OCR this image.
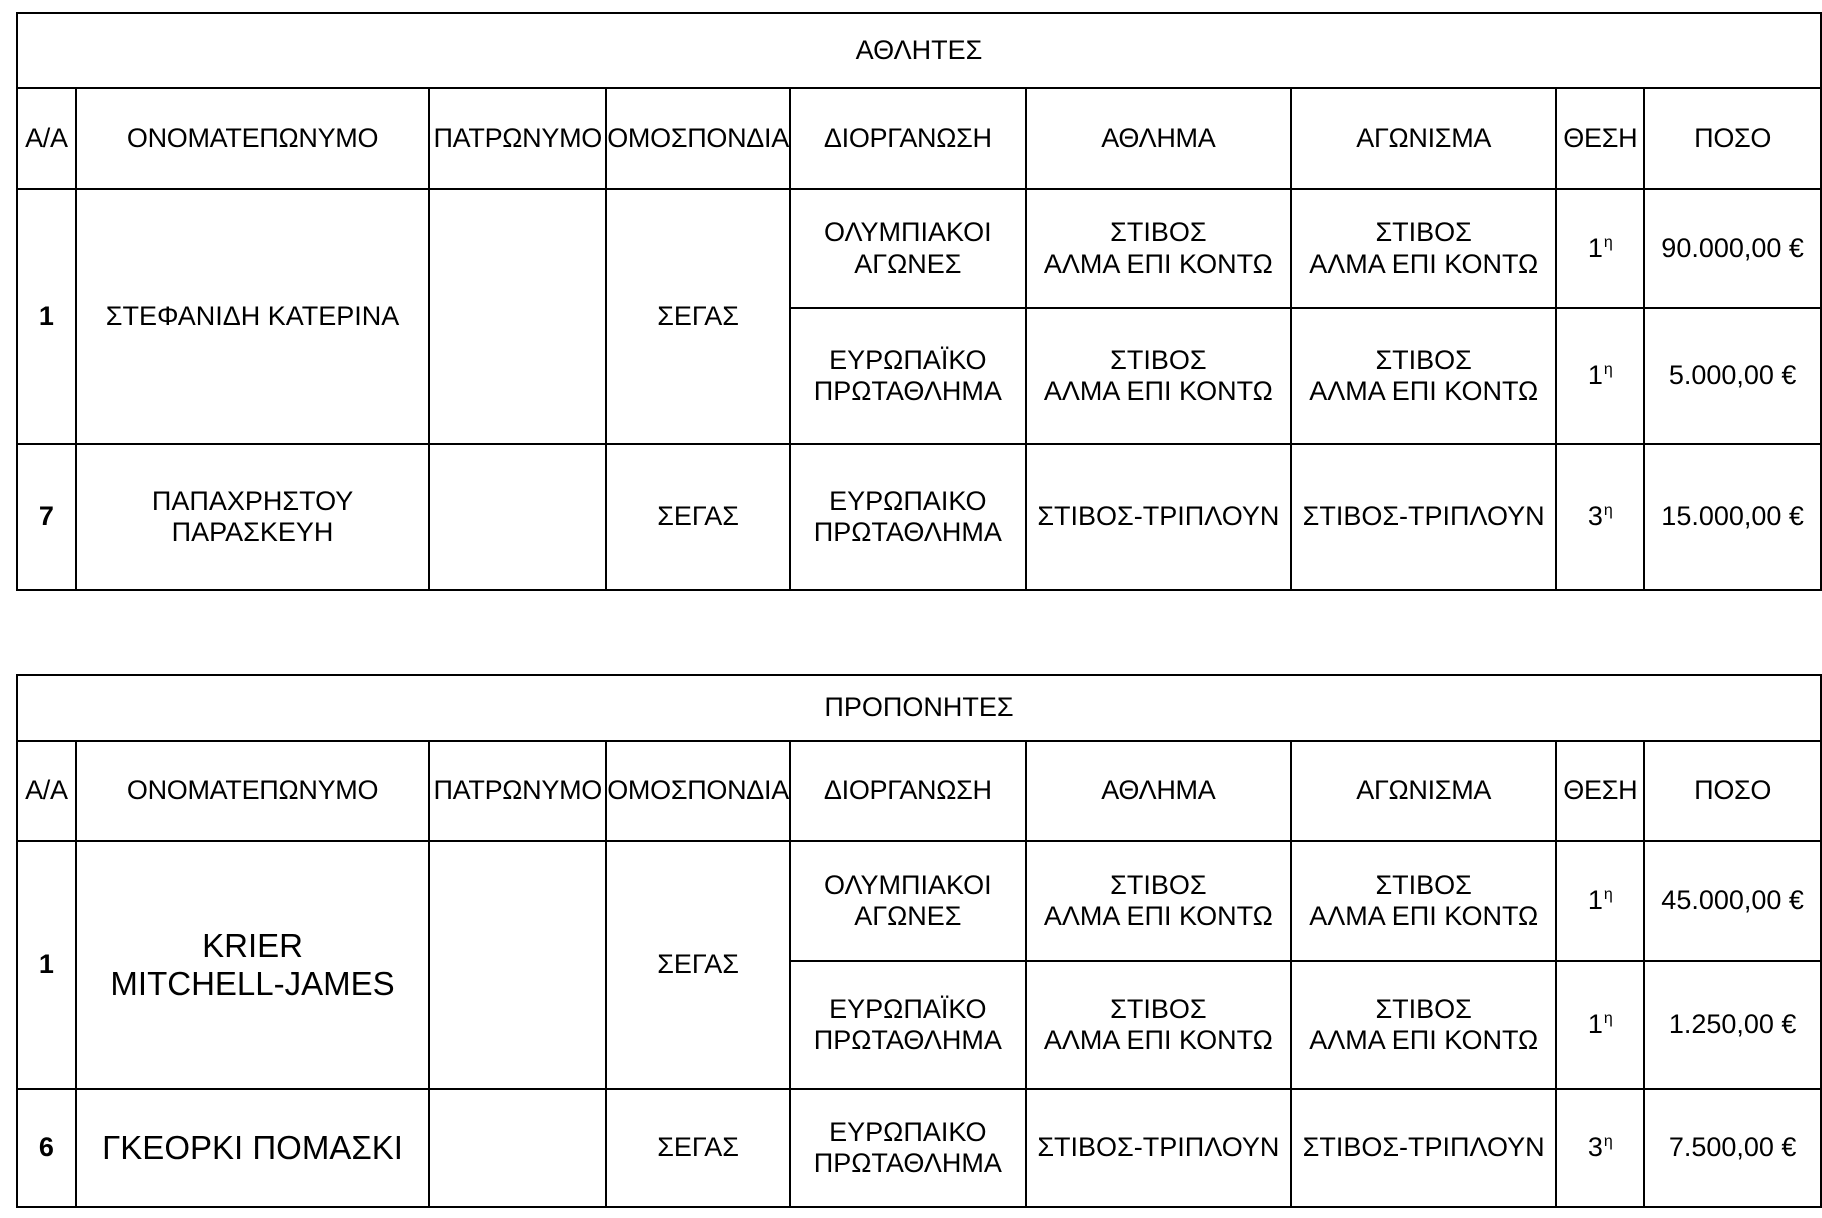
ΑΘΛΗΤΕΣ								
Α/Α	ΟΝΟΜΑΤΕΠΩΝΥΜΟ	ΠΑΤΡΩΝΥΜΟ	ΟΜΟΣΠΟΝΔΙΑ	ΔΙΟΡΓΑΝΩΣΗ	ΑΘΛΗΜΑ	ΑΓΩΝΙΣΜΑ	ΘΕΣΗ	ΠΟΣΟ
1	ΣΤΕΦΑΝΙΔΗ ΚΑΤΕΡΙΝΑ		ΣΕΓΑΣ	ΟΛΥΜΠΙΑΚΟΙ
ΑΓΩΝΕΣ	ΣΤΙΒΟΣ
ΑΛΜΑ ΕΠΙ ΚΟΝΤΩ	ΣΤΙΒΟΣ
ΑΛΜΑ ΕΠΙ ΚΟΝΤΩ	$1^\eta$	90.000,00 €
				ΕΥΡΩΠΑΪΚΟ
ΠΡΩΤΑΘΛΗΜΑ	ΣΤΙΒΟΣ
ΑΛΜΑ ΕΠΙ ΚΟΝΤΩ	ΣΤΙΒΟΣ
ΑΛΜΑ ΕΠΙ ΚΟΝΤΩ	$1^\eta$	5.000,00 €
7	ΠΑΠΑΧΡΗΣΤΟΥ
ΠΑΡΑΣΚΕΥΗ		ΣΕΓΑΣ	ΕΥΡΩΠΑΙΚΟ
ΠΡΩΤΑΘΛΗΜΑ	ΣΤΙΒΟΣ-ΤΡΙΠΛΟΥΝ	ΣΤΙΒΟΣ-ΤΡΙΠΛΟΥΝ	$3^\eta$	15.000,00 €
ΠΡΟΠΟΝΗΤΕΣ								
Α/Α	ΟΝΟΜΑΤΕΠΩΝΥΜΟ	ΠΑΤΡΩΝΥΜΟ	ΟΜΟΣΠΟΝΔΙΑ	ΔΙΟΡΓΑΝΩΣΗ	ΑΘΛΗΜΑ	ΑΓΩΝΙΣΜΑ	ΘΕΣΗ	ΠΟΣΟ
1	KRIER
MITCHELL-JAMES		ΣΕΓΑΣ	ΟΛΥΜΠΙΑΚΟΙ
ΑΓΩΝΕΣ	ΣΤΙΒΟΣ
ΑΛΜΑ ΕΠΙ ΚΟΝΤΩ	ΣΤΙΒΟΣ
ΑΛΜΑ ΕΠΙ ΚΟΝΤΩ	$1^\eta$	45.000,00 €
				ΕΥΡΩΠΑΪΚΟ
ΠΡΩΤΑΘΛΗΜΑ	ΣΤΙΒΟΣ
ΑΛΜΑ ΕΠΙ ΚΟΝΤΩ	ΣΤΙΒΟΣ
ΑΛΜΑ ΕΠΙ ΚΟΝΤΩ	$1^\eta$	1.250,00 €
6	ΓΚΕΟΡΚΙ ΠΟΜΑΣΚΙ		ΣΕΓΑΣ	ΕΥΡΩΠΑΙΚΟ
ΠΡΩΤΑΘΛΗΜΑ	ΣΤΙΒΟΣ-ΤΡΙΠΛΟΥΝ	ΣΤΙΒΟΣ-ΤΡΙΠΛΟΥΝ	$3^\eta$	7.500,00 €
